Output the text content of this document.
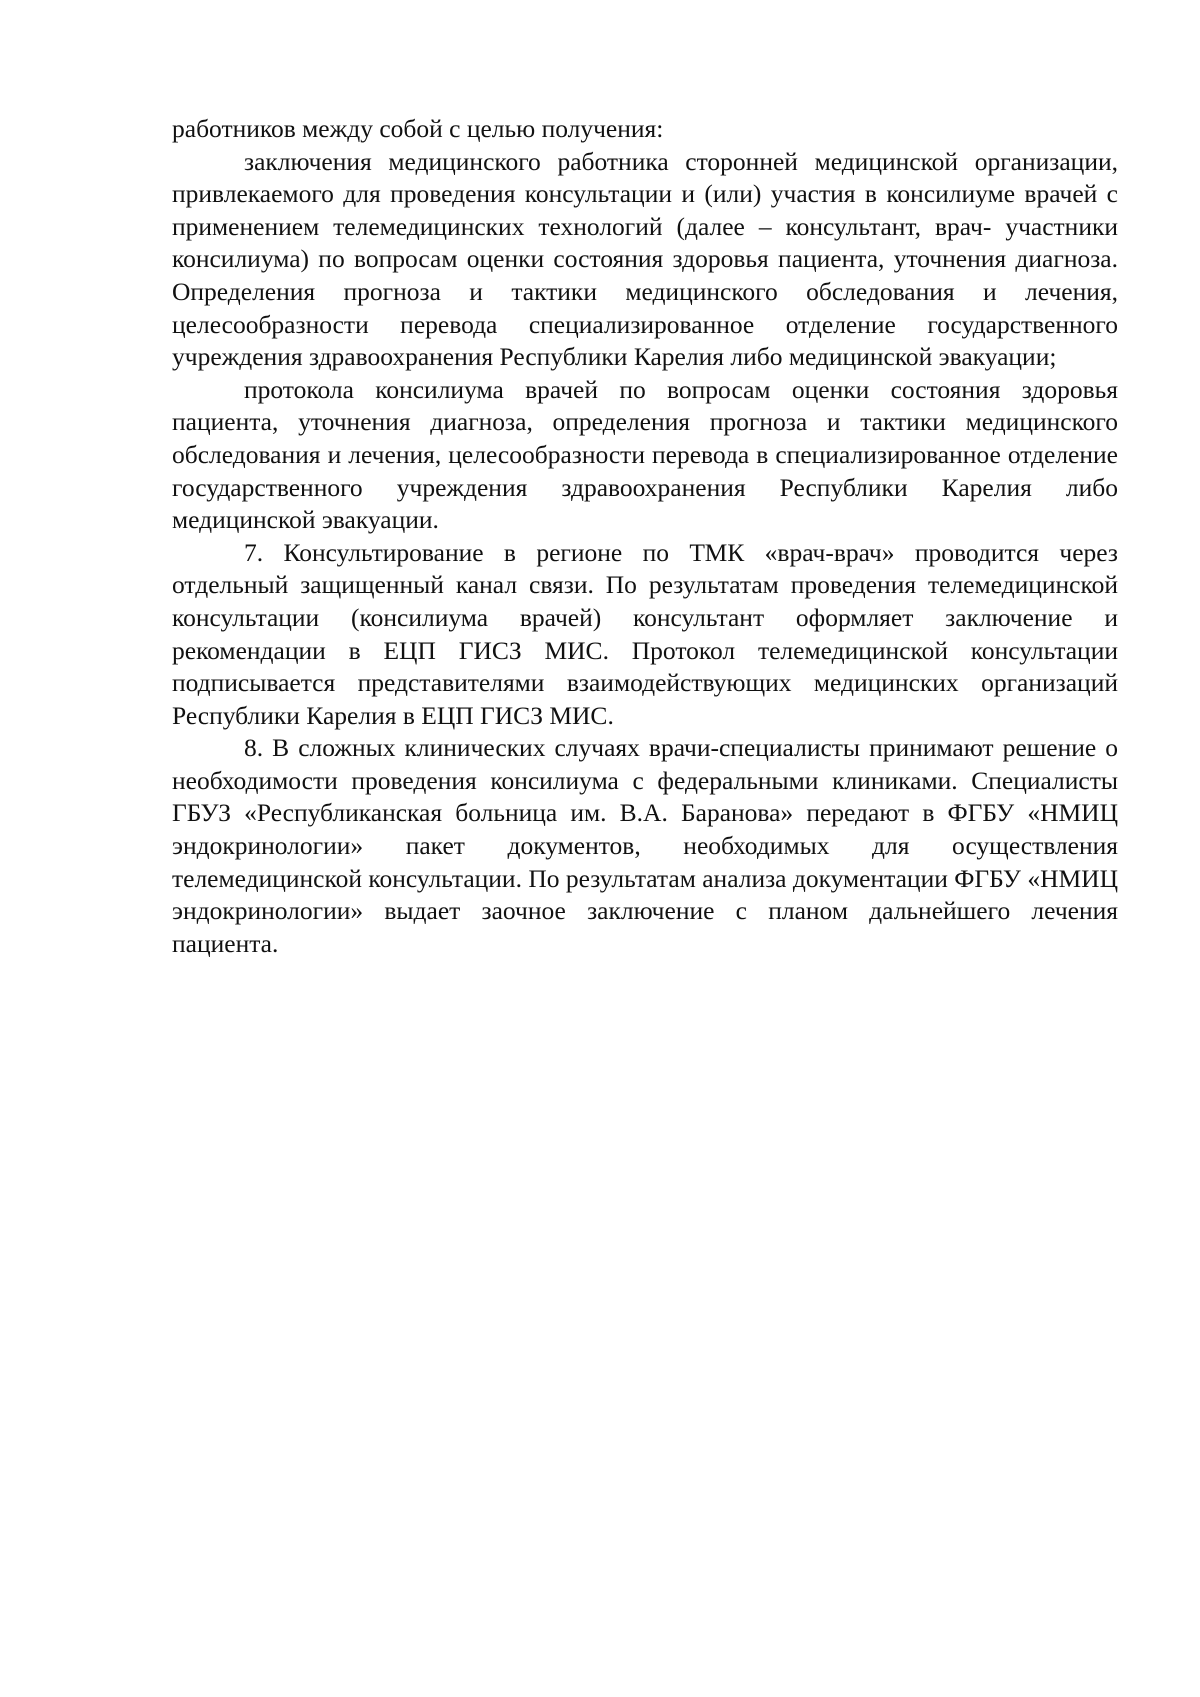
работников между собой с целью получения:

заключения медицинского работника сторонней медицинской организации, привлекаемого для проведения консультации и (или) участия в консилиуме врачей с применением телемедицинских технологий (далее – консультант, врач- участники консилиума) по вопросам оценки состояния здоровья пациента, уточнения диагноза. Определения прогноза и тактики медицинского обследования и лечения, целесообразности перевода специализированное отделение государственного учреждения здравоохранения Республики Карелия либо медицинской эвакуации;

протокола консилиума врачей по вопросам оценки состояния здоровья пациента, уточнения диагноза, определения прогноза и тактики медицинского обследования и лечения, целесообразности перевода в специализированное отделение государственного учреждения здравоохранения Республики Карелия либо медицинской эвакуации.

7. Консультирование в регионе по ТМК «врач-врач» проводится через отдельный защищенный канал связи. По результатам проведения телемедицинской консультации (консилиума врачей) консультант оформляет заключение и рекомендации в ЕЦП ГИСЗ МИС. Протокол телемедицинской консультации подписывается представителями взаимодействующих медицинских организаций Республики Карелия в ЕЦП ГИСЗ МИС.

8. В сложных клинических случаях врачи-специалисты принимают решение о необходимости проведения консилиума с федеральными клиниками. Специалисты ГБУЗ «Республиканская больница им. В.А. Баранова» передают в ФГБУ «НМИЦ эндокринологии» пакет документов, необходимых для осуществления телемедицинской консультации. По результатам анализа документации ФГБУ «НМИЦ эндокринологии» выдает заочное заключение с планом дальнейшего лечения пациента.
